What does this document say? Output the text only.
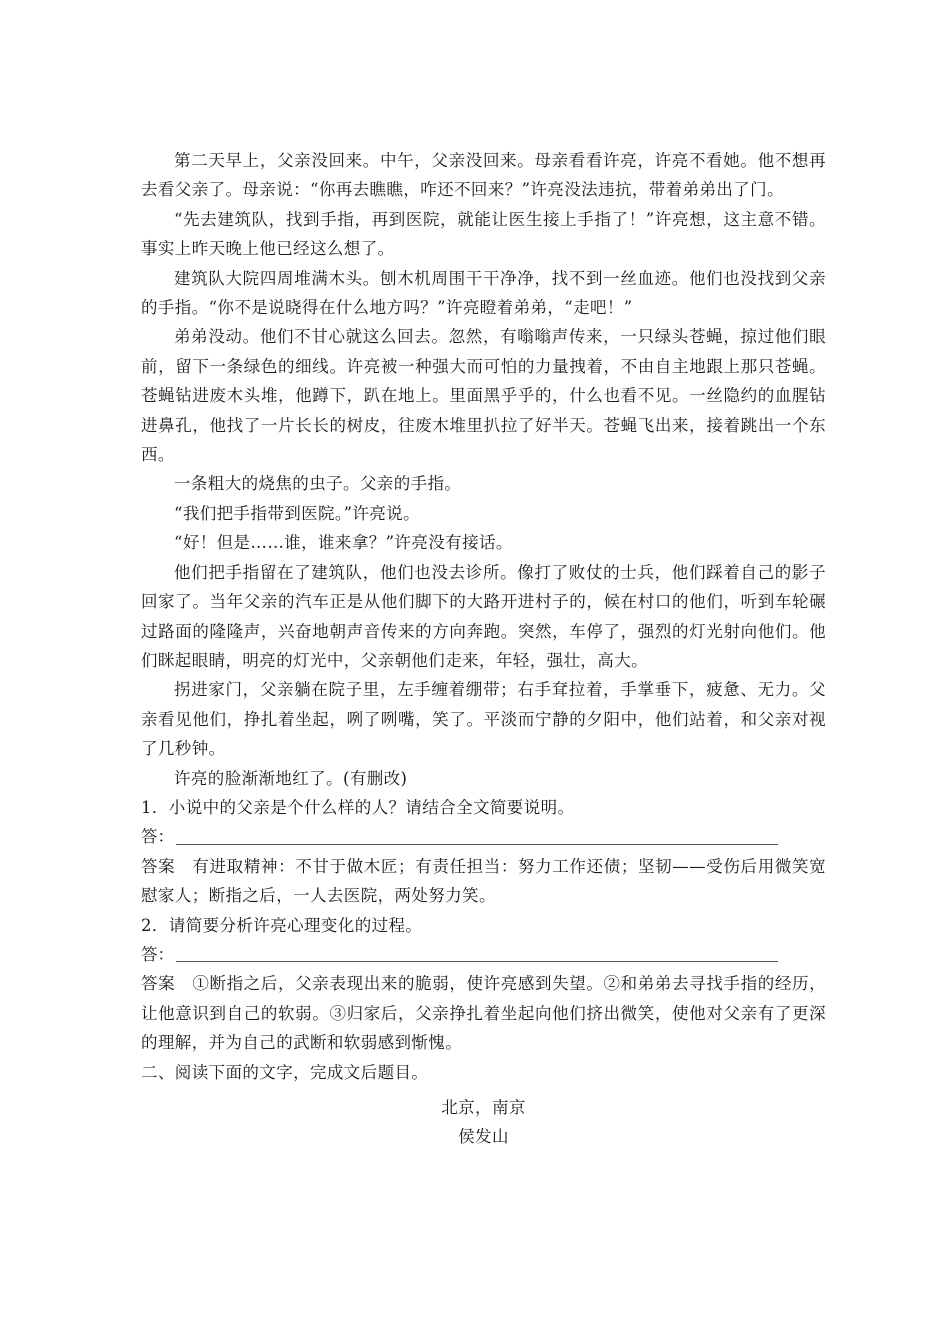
第二天早上，父亲没回来。中午，父亲没回来。母亲看看许亮，许亮不看她。他不想再去看父亲了。母亲说：“你再去瞧瞧，咋还不回来？”许亮没法违抗，带着弟弟出了门。

“先去建筑队，找到手指，再到医院，就能让医生接上手指了！”许亮想，这主意不错。事实上昨天晚上他已经这么想了。

建筑队大院四周堆满木头。刨木机周围干干净净，找不到一丝血迹。他们也没找到父亲的手指。“你不是说晓得在什么地方吗？”许亮瞪着弟弟，“走吧！”

弟弟没动。他们不甘心就这么回去。忽然，有嗡嗡声传来，一只绿头苍蝇，掠过他们眼前，留下一条绿色的细线。许亮被一种强大而可怕的力量拽着，不由自主地跟上那只苍蝇。苍蝇钻进废木头堆，他蹲下，趴在地上。里面黑乎乎的，什么也看不见。一丝隐约的血腥钻进鼻孔，他找了一片长长的树皮，往废木堆里扒拉了好半天。苍蝇飞出来，接着跳出一个东西。

一条粗大的烧焦的虫子。父亲的手指。

“我们把手指带到医院。”许亮说。

“好！但是……谁，谁来拿？”许亮没有接话。

他们把手指留在了建筑队，他们也没去诊所。像打了败仗的士兵，他们踩着自己的影子回家了。当年父亲的汽车正是从他们脚下的大路开进村子的，候在村口的他们，听到车轮碾过路面的隆隆声，兴奋地朝声音传来的方向奔跑。突然，车停了，强烈的灯光射向他们。他们眯起眼睛，明亮的灯光中，父亲朝他们走来，年轻，强壮，高大。

拐进家门，父亲躺在院子里，左手缠着绷带；右手耷拉着，手掌垂下，疲惫、无力。父亲看见他们，挣扎着坐起，咧了咧嘴，笑了。平淡而宁静的夕阳中，他们站着，和父亲对视了几秒钟。

许亮的脸渐渐地红了。(有删改)

1．小说中的父亲是个什么样的人？请结合全文简要说明。

答：

答案　有进取精神：不甘于做木匠；有责任担当：努力工作还债；坚韧——受伤后用微笑宽慰家人；断指之后，一人去医院，两处努力笑。

2．请简要分析许亮心理变化的过程。

答：

答案　①断指之后，父亲表现出来的脆弱，使许亮感到失望。②和弟弟去寻找手指的经历，让他意识到自己的软弱。③归家后，父亲挣扎着坐起向他们挤出微笑，使他对父亲有了更深的理解，并为自己的武断和软弱感到惭愧。

二、阅读下面的文字，完成文后题目。

北京，南京

侯发山
